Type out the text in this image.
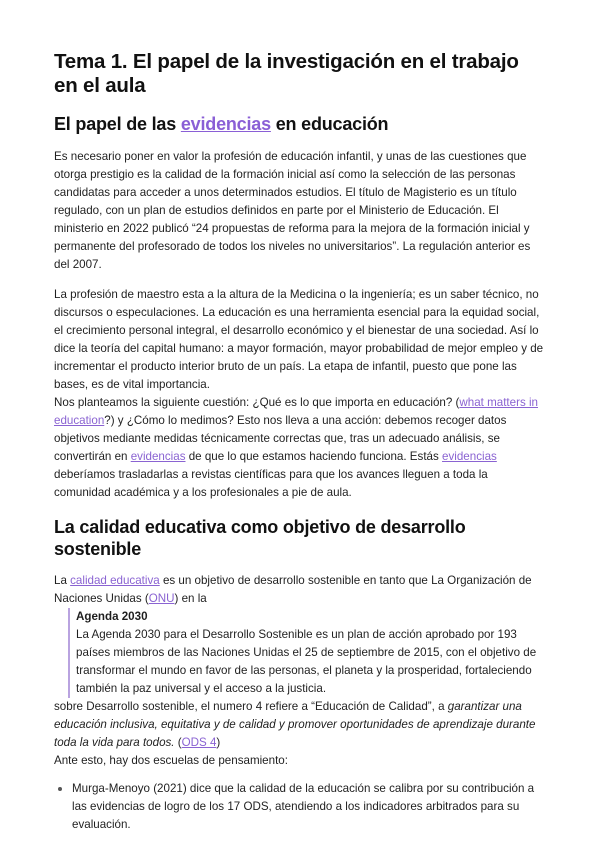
Tema 1. El papel de la investigación en el trabajo en el aula
El papel de las evidencias en educación

Es necesario poner en valor la profesión de educación infantil, y unas de las cuestiones que otorga prestigio es la calidad de la formación inicial así como la selección de las personas candidatas para acceder a unos determinados estudios. El título de Magisterio es un título regulado, con un plan de estudios definidos en parte por el Ministerio de Educación. El ministerio en 2022 publicó “24 propuestas de reforma para la mejora de la formación inicial y permanente del profesorado de todos los niveles no universitarios”. La regulación anterior es del 2007.

La profesión de maestro esta a la altura de la Medicina o la ingeniería; es un saber técnico, no discursos o especulaciones. La educación es una herramienta esencial para la equidad social, el crecimiento personal integral, el desarrollo económico y el bienestar de una sociedad. Así lo dice la teoría del capital humano: a mayor formación, mayor probabilidad de mejor empleo y de incrementar el producto interior bruto de un país. La etapa de infantil, puesto que pone las bases, es de vital importancia.

Nos planteamos la siguiente cuestión: ¿Qué es lo que importa en educación? (what matters in education?) y ¿Cómo lo medimos? Esto nos lleva a una acción: debemos recoger datos objetivos mediante medidas técnicamente correctas que, tras un adecuado análisis, se convertirán en evidencias de que lo que estamos haciendo funciona. Estás evidencias deberíamos trasladarlas a revistas científicas para que los avances lleguen a toda la comunidad académica y a los profesionales a pie de aula.

La calidad educativa como objetivo de desarrollo sostenible

La calidad educativa es un objetivo de desarrollo sostenible en tanto que La Organización de Naciones Unidas (ONU) en la

Agenda 2030

La Agenda 2030 para el Desarrollo Sostenible es un plan de acción aprobado por 193 países miembros de las Naciones Unidas el 25 de septiembre de 2015, con el objetivo de transformar el mundo en favor de las personas, el planeta y la prosperidad, fortaleciendo también la paz universal y el acceso a la justicia.

sobre Desarrollo sostenible, el numero 4 refiere a “Educación de Calidad”, a garantizar una educación inclusiva, equitativa y de calidad y promover oportunidades de aprendizaje durante toda la vida para todos. (ODS 4)

Ante esto, hay dos escuelas de pensamiento:

Murga-Menoyo (2021) dice que la calidad de la educación se calibra por su contribución a las evidencias de logro de los 17 ODS, atendiendo a los indicadores arbitrados para su evaluación.
